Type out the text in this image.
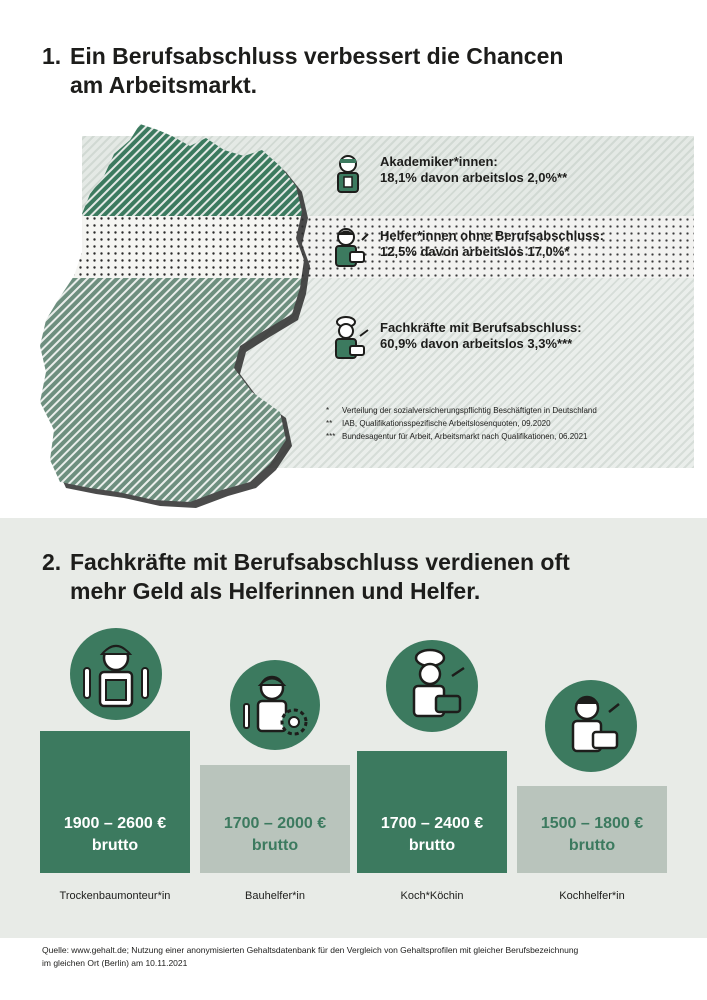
1. Ein Berufsabschluss verbessert die Chancen
am Arbeitsmarkt.
Akademiker*innen:
18,1% davon arbeitslos 2,0%**
Helfer*innen ohne Berufsabschluss:
12,5% davon arbeitslos 17,0%*
Fachkräfte mit Berufsabschluss:
60,9% davon arbeitslos 3,3%***
*	Verteilung der sozialversicherungspflichtig Beschäftigten in Deutschland
**	IAB, Qualifikationsspezifische Arbeitslosenquoten, 09.2020
*** Bundesagentur für Arbeit, Arbeitsmarkt nach Qualifikationen, 06.2021
2. Fachkräfte mit Berufsabschluss verdienen oft
mehr Geld als Helferinnen und Helfer.
1900 – 2600 €
brutto
Trockenbaumonteur*in
1700 – 2000 €
brutto
Bauhelfer*in
1700 – 2400 €
brutto
Koch*Köchin
1500 – 1800 €
brutto
Kochhelfer*in
Quelle: www.gehalt.de; Nutzung einer anonymisierten Gehaltsdatenbank für den Vergleich von Gehaltsprofilen mit gleicher Berufsbezeichnung
im gleichen Ort (Berlin) am 10.11.2021
